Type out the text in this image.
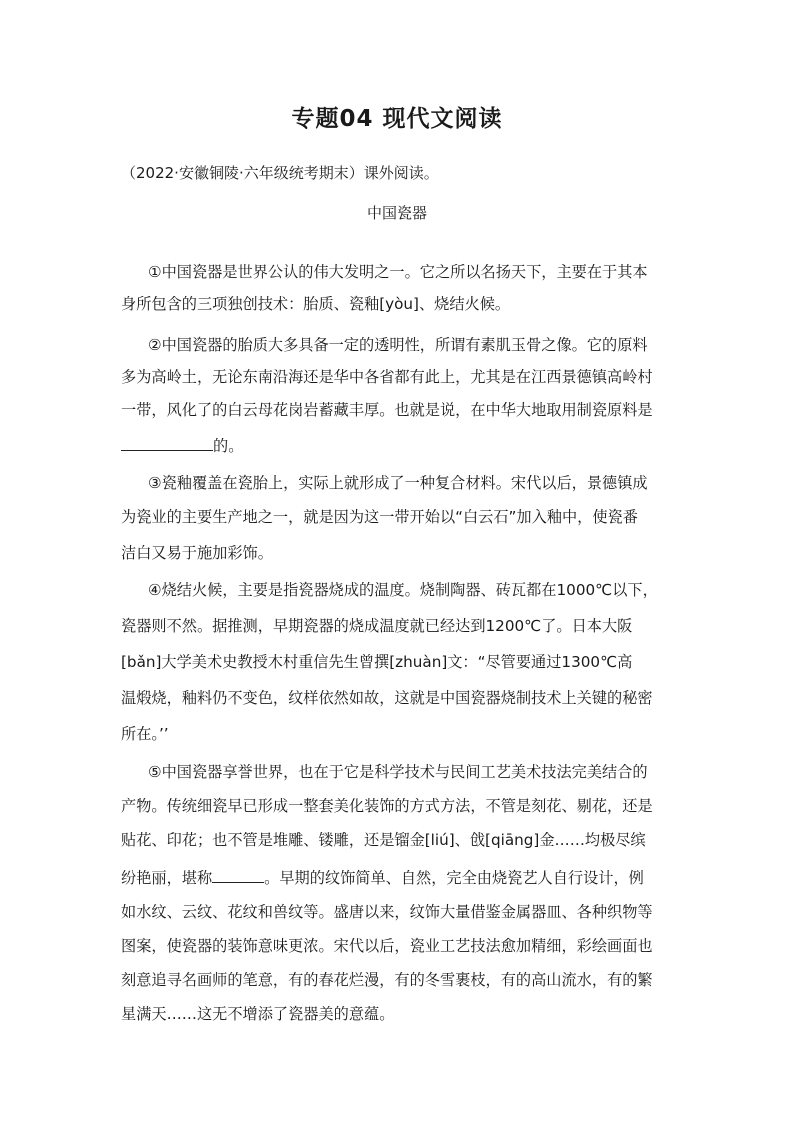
专题04 现代文阅读

（2022·安徽铜陵·六年级统考期末）课外阅读。

中国瓷器

①中国瓷器是世界公认的伟大发明之一。它之所以名扬天下，主要在于其本

身所包含的三项独创技术：胎质、瓷釉[yòu]、烧结火候。

②中国瓷器的胎质大多具备一定的透明性，所谓有素肌玉骨之像。它的原料

多为高岭土，无论东南沿海还是华中各省都有此上，尤其是在江西景德镇高岭村

一带，风化了的白云母花岗岩蓄藏丰厚。也就是说，在中华大地取用制瓷原料是

的。

③瓷釉覆盖在瓷胎上，实际上就形成了一种复合材料。宋代以后，景德镇成

为瓷业的主要生产地之一，就是因为这一带开始以“白云石”加入釉中，使瓷番

洁白又易于施加彩饰。

④烧结火候，主要是指瓷器烧成的温度。烧制陶器、砖瓦都在1000℃以下，

瓷器则不然。据推测，早期瓷器的烧成温度就已经达到1200℃了。日本大阪

[bǎn]大学美术史教授木村重信先生曾撰[zhuàn]文：“尽管要通过1300℃高

温煅烧，釉料仍不变色，纹样依然如故，这就是中国瓷器烧制技术上关键的秘密

所在。’’

⑤中国瓷器享誉世界，也在于它是科学技术与民间工艺美术技法完美结合的

产物。传统细瓷早已形成一整套美化装饰的方式方法，不管是刻花、剔花，还是

贴花、印花；也不管是堆雕、镂雕，还是镏金[liú]、戗[qiāng]金……均极尽缤

纷艳丽，堪称	。早期的纹饰简单、自然，完全由烧瓷艺人自行设计，例

如水纹、云纹、花纹和兽纹等。盛唐以来，纹饰大量借鉴金属器皿、各种织物等

图案，使瓷器的装饰意味更浓。宋代以后，瓷业工艺技法愈加精细，彩绘画面也

刻意追寻名画师的笔意，有的春花烂漫，有的冬雪裹枝，有的高山流水，有的繁

星满天……这无不增添了瓷器美的意蕴。
